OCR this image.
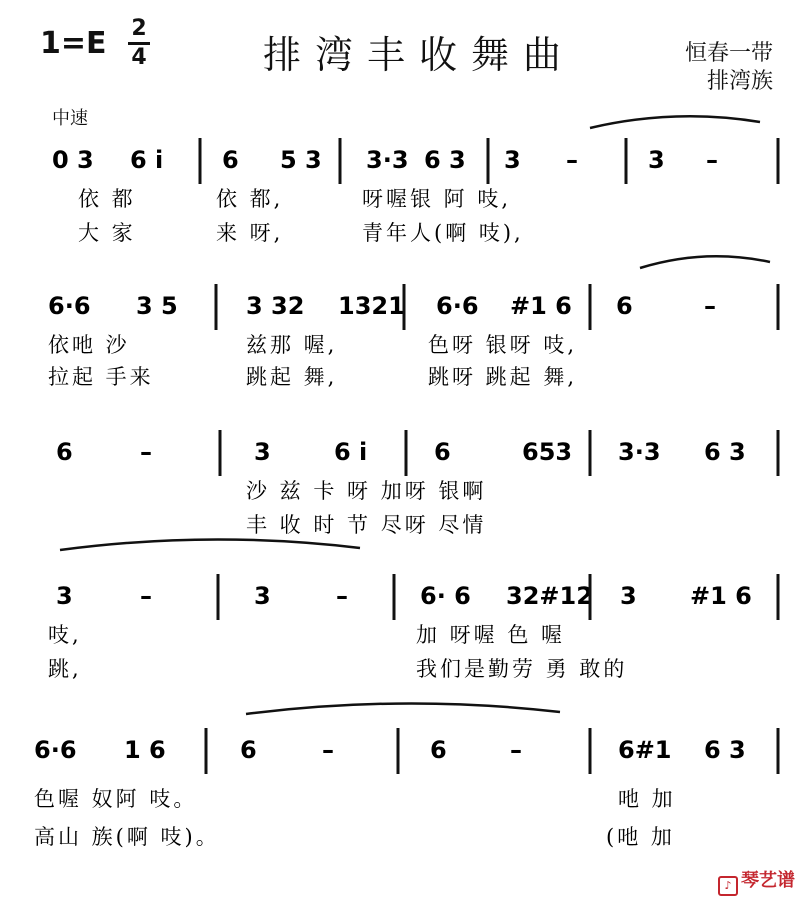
1=E 2
4	排湾丰收舞曲	恒春一带
排湾族
中速
0 3 6 i 6 5 3 3·3 6 3 3 –	3 –
依 都	依 都,	呀喔银 阿 吱,
大 家	来 呀,	青年人(啊 吱),
6·6 3 5	3 32 1321 6·6 #1 6 6	–
依吔 沙	兹那 喔,	色呀 银呀 吱,
拉起 手来	跳起 舞,	跳呀 跳起 舞,
6	–	3	6 i	6	653 3·3 6 3
沙 兹 卡 呀 加呀 银啊
丰 收 时 节 尽呀 尽情
3	–	3	–	6· 6 32#12 3 #1 6
吱,	加 呀喔 色 喔
跳,	我们是勤劳 勇 敢的
6·6 1 6	6	–	6	–	6#1 6 3
色喔 奴阿 吱。	吔 加
高山 族(啊 吱)。	(吔 加
♪ 琴艺谱
